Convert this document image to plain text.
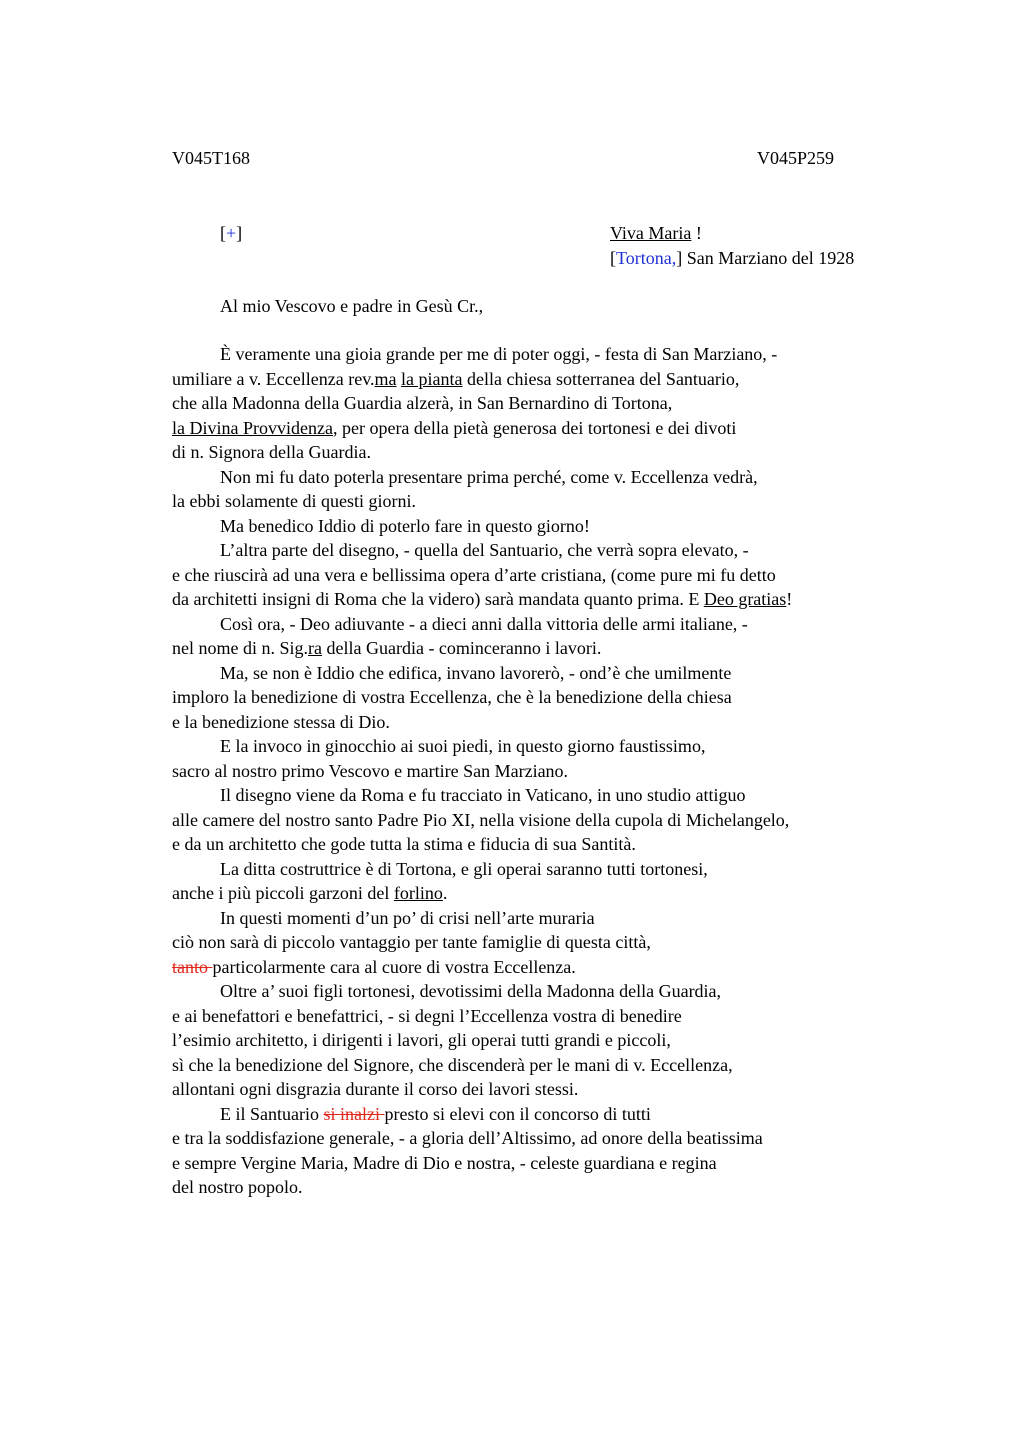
V045T168	V045P259
[+]	Viva Maria !
[Tortona,] San Marziano del 1928
Al mio Vescovo e padre in Gesù Cr.,
È veramente una gioia grande per me di poter oggi, - festa di San Marziano, -
umiliare a v. Eccellenza rev.ma la pianta della chiesa sotterranea del Santuario,
che alla Madonna della Guardia alzerà, in San Bernardino di Tortona,
la Divina Provvidenza, per opera della pietà generosa dei tortonesi e dei divoti
di n. Signora della Guardia.
Non mi fu dato poterla presentare prima perché, come v. Eccellenza vedrà,
la ebbi solamente di questi giorni.
Ma benedico Iddio di poterlo fare in questo giorno!
L’altra parte del disegno, - quella del Santuario, che verrà sopra elevato, -
e che riuscirà ad una vera e bellissima opera d’arte cristiana, (come pure mi fu detto
da architetti insigni di Roma che la videro) sarà mandata quanto prima. E Deo gratias!
Così ora, - Deo adiuvante - a dieci anni dalla vittoria delle armi italiane, -
nel nome di n. Sig.ra della Guardia - cominceranno i lavori.
Ma, se non è Iddio che edifica, invano lavorerò, - ond’è che umilmente
imploro la benedizione di vostra Eccellenza, che è la benedizione della chiesa
e la benedizione stessa di Dio.
E la invoco in ginocchio ai suoi piedi, in questo giorno faustissimo,
sacro al nostro primo Vescovo e martire San Marziano.
Il disegno viene da Roma e fu tracciato in Vaticano, in uno studio attiguo
alle camere del nostro santo Padre Pio XI, nella visione della cupola di Michelangelo,
e da un architetto che gode tutta la stima e fiducia di sua Santità.
La ditta costruttrice è di Tortona, e gli operai saranno tutti tortonesi,
anche i più piccoli garzoni del forlino.
In questi momenti d’un po’ di crisi nell’arte muraria
ciò non sarà di piccolo vantaggio per tante famiglie di questa città,
tanto particolarmente cara al cuore di vostra Eccellenza.
Oltre a’ suoi figli tortonesi, devotissimi della Madonna della Guardia,
e ai benefattori e benefattrici, - si degni l’Eccellenza vostra di benedire
l’esimio architetto, i dirigenti i lavori, gli operai tutti grandi e piccoli,
sì che la benedizione del Signore, che discenderà per le mani di v. Eccellenza,
allontani ogni disgrazia durante il corso dei lavori stessi.
E il Santuario si inalzi presto si elevi con il concorso di tutti
e tra la soddisfazione generale, - a gloria dell’Altissimo, ad onore della beatissima
e sempre Vergine Maria, Madre di Dio e nostra, - celeste guardiana e regina
del nostro popolo.
